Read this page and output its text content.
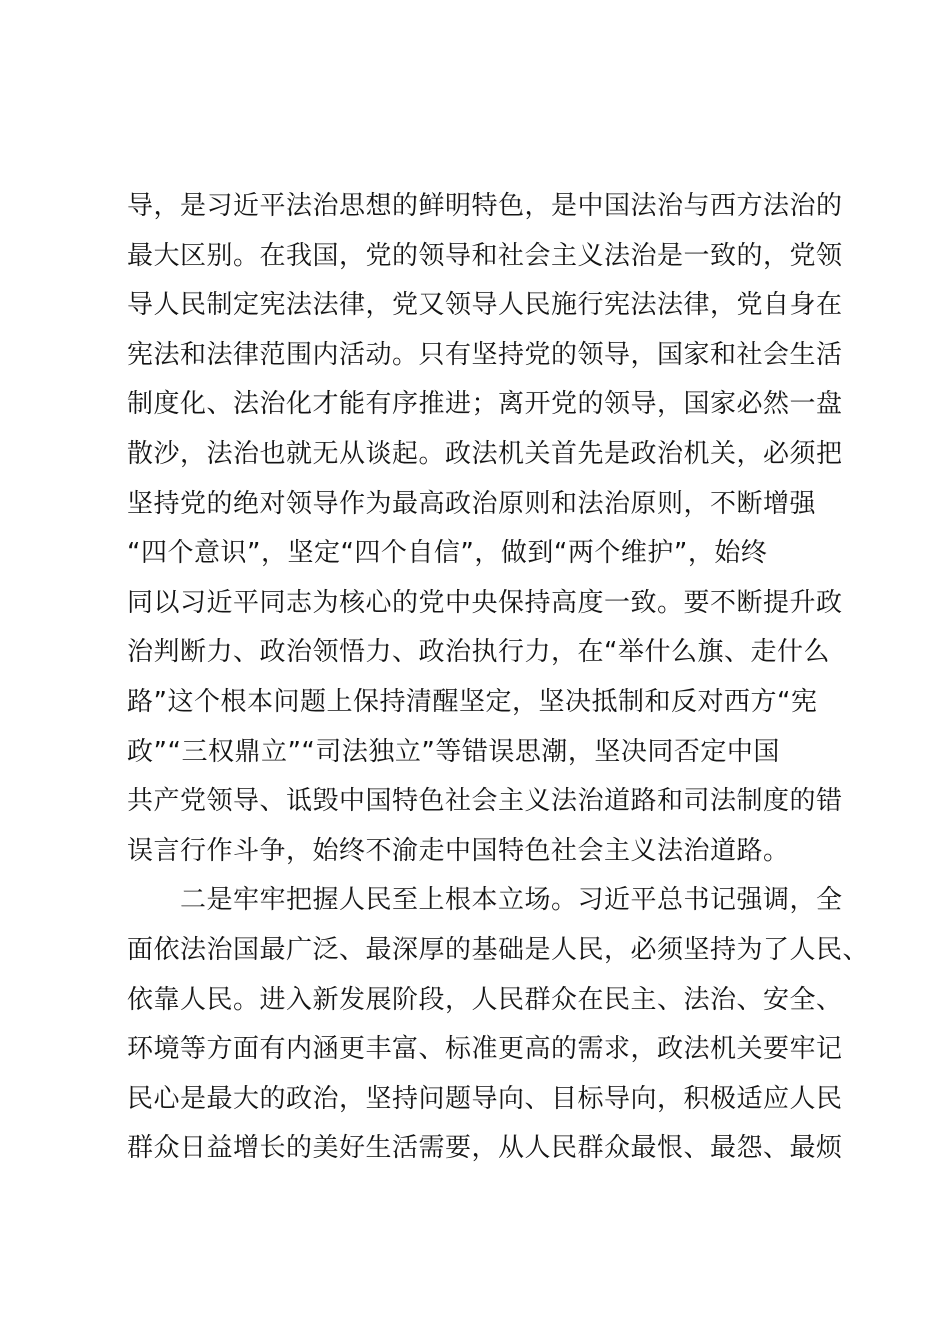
导，是习近平法治思想的鲜明特色，是中国法治与西方法治的
最大区别。在我国，党的领导和社会主义法治是一致的，党领
导人民制定宪法法律，党又领导人民施行宪法法律，党自身在
宪法和法律范围内活动。只有坚持党的领导，国家和社会生活
制度化、法治化才能有序推进；离开党的领导，国家必然一盘
散沙，法治也就无从谈起。政法机关首先是政治机关，必须把
坚持党的绝对领导作为最高政治原则和法治原则，不断增强
“四个意识”，坚定“四个自信”，做到“两个维护”，始终
同以习近平同志为核心的党中央保持高度一致。要不断提升政
治判断力、政治领悟力、政治执行力，在“举什么旗、走什么
路”这个根本问题上保持清醒坚定，坚决抵制和反对西方“宪
政”“三权鼎立”“司法独立”等错误思潮，坚决同否定中国
共产党领导、诋毁中国特色社会主义法治道路和司法制度的错
误言行作斗争，始终不渝走中国特色社会主义法治道路。
　　二是牢牢把握人民至上根本立场。习近平总书记强调，全
面依法治国最广泛、最深厚的基础是人民，必须坚持为了人民、
依靠人民。进入新发展阶段，人民群众在民主、法治、安全、
环境等方面有内涵更丰富、标准更高的需求，政法机关要牢记
民心是最大的政治，坚持问题导向、目标导向，积极适应人民
群众日益增长的美好生活需要，从人民群众最恨、最怨、最烦
